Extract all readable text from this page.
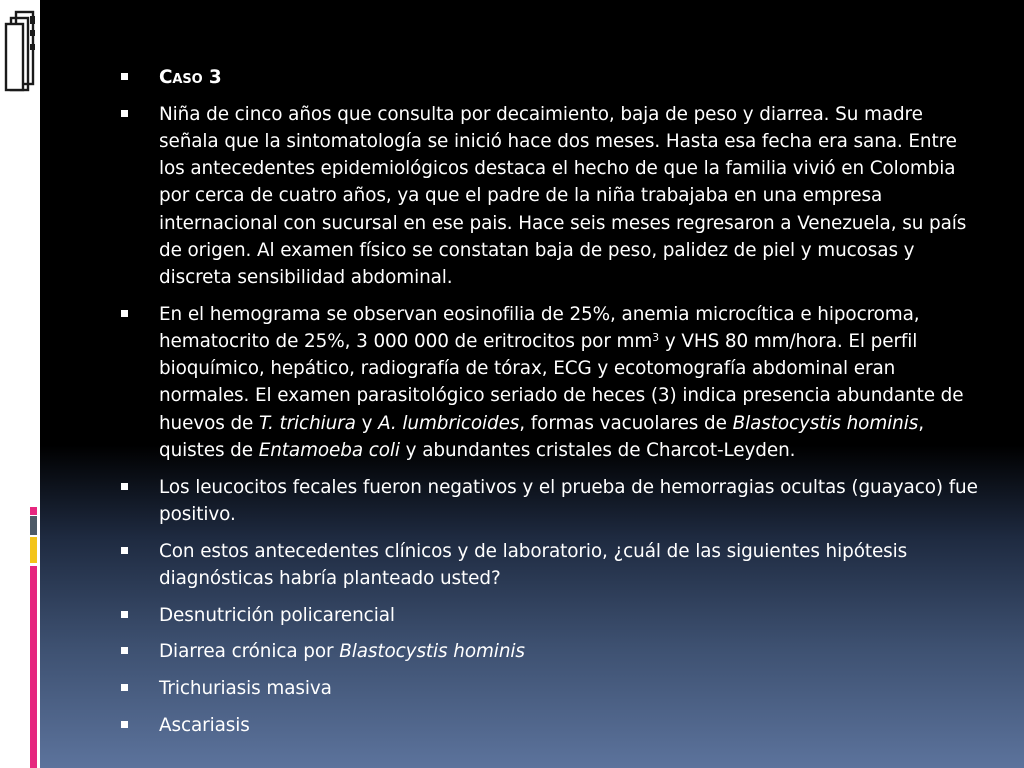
Caso 3
Niña de cinco años que consulta por decaimiento, baja de peso y diarrea. Su madre señala que la sintomatología se inició hace dos meses. Hasta esa fecha era sana. Entre los antecedentes epidemiológicos destaca el hecho de que la familia vivió en Colombia por cerca de cuatro años, ya que el padre de la niña trabajaba en una empresa internacional con sucursal en ese pais. Hace seis meses regresaron a Venezuela, su país de origen. Al examen físico se constatan baja de peso, palidez de piel y mucosas y discreta sensibilidad abdominal.
En el hemograma se observan eosinofilia de 25%, anemia microcítica e hipocroma, hematocrito de 25%, 3 000 000 de eritrocitos por $mm^3$ y VHS 80 mm/hora. El perfil bioquímico, hepático, radiografía de tórax, ECG y ecotomografía abdominal eran normales. El examen parasitológico seriado de heces (3) indica presencia abundante de huevos de T. trichiura y A. lumbricoides, formas vacuolares de Blastocystis hominis, quistes de Entamoeba coli y abundantes cristales de Charcot-Leyden.
Los leucocitos fecales fueron negativos y el prueba de hemorragias ocultas (guayaco) fue positivo.
Con estos antecedentes clínicos y de laboratorio, ¿cuál de las siguientes hipótesis diagnósticas habría planteado usted?
Desnutrición policarencial
Diarrea crónica por Blastocystis hominis
Trichuriasis masiva
Ascariasis
